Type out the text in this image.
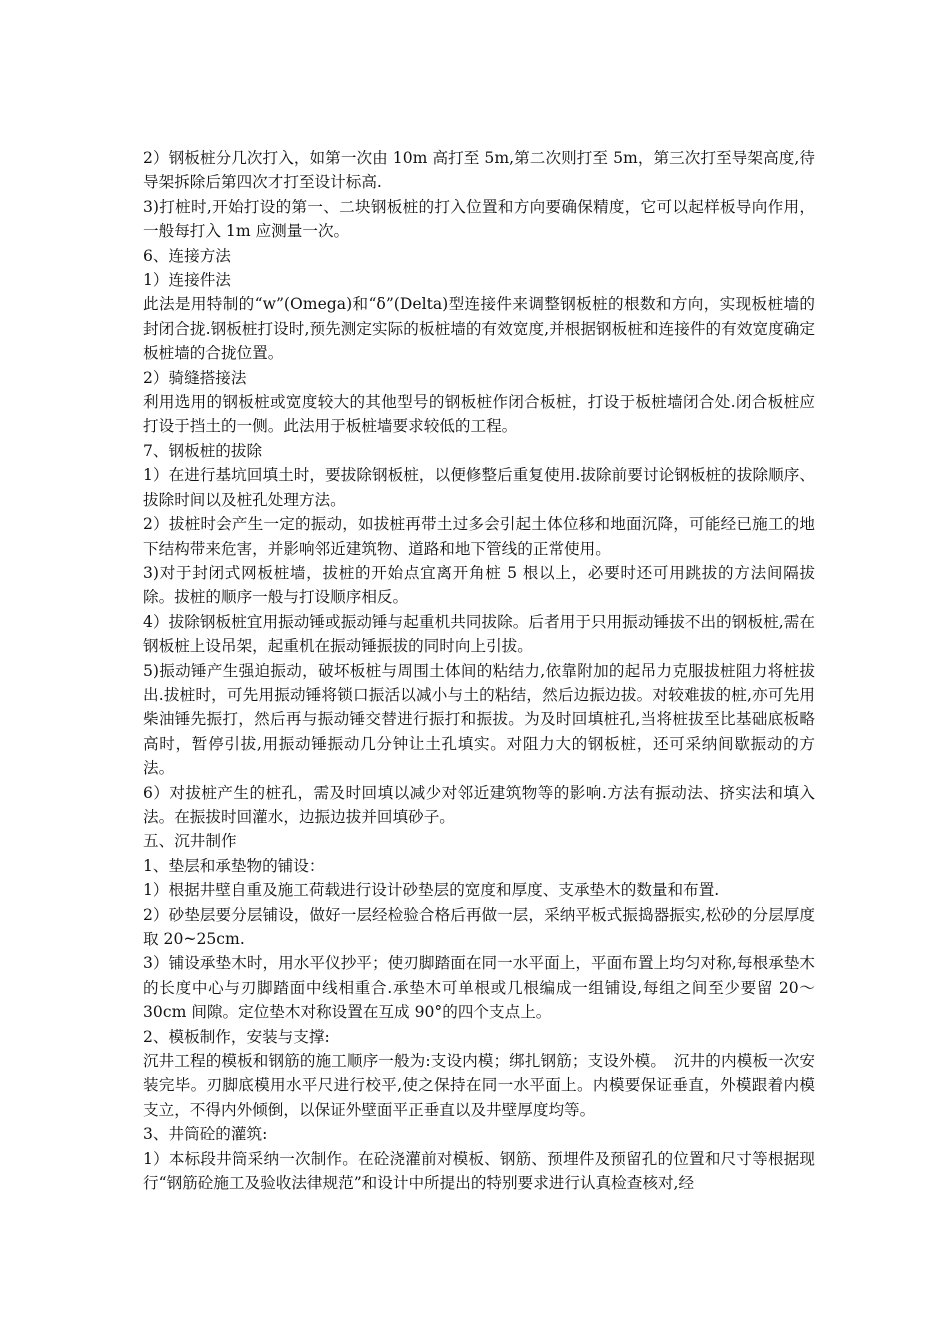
2）钢板桩分几次打入，如第一次由 10m 高打至 5m,第二次则打至 5m，第三次打至导架高度,待导架拆除后第四次才打至设计标高.

3)打桩时,开始打设的第一、二块钢板桩的打入位置和方向要确保精度，它可以起样板导向作用，一般每打入 1m 应测量一次。

6、连接方法

1）连接件法

此法是用特制的“w”(Omega)和“δ”(Delta)型连接件来调整钢板桩的根数和方向，实现板桩墙的封闭合拢.钢板桩打设时,预先测定实际的板桩墙的有效宽度,并根据钢板桩和连接件的有效宽度确定板桩墙的合拢位置。

2）骑缝搭接法

利用选用的钢板桩或宽度较大的其他型号的钢板桩作闭合板桩，打设于板桩墙闭合处.闭合板桩应打设于挡土的一侧。此法用于板桩墙要求较低的工程。

7、钢板桩的拔除

1）在进行基坑回填土时，要拔除钢板桩，以便修整后重复使用.拔除前要讨论钢板桩的拔除顺序、拔除时间以及桩孔处理方法。

2）拔桩时会产生一定的振动，如拔桩再带土过多会引起土体位移和地面沉降，可能经已施工的地下结构带来危害，并影响邻近建筑物、道路和地下管线的正常使用。

3)对于封闭式网板桩墙，拔桩的开始点宜离开角桩 5 根以上，必要时还可用跳拔的方法间隔拔除。拔桩的顺序一般与打设顺序相反。

4）拔除钢板桩宜用振动锤或振动锤与起重机共同拔除。后者用于只用振动锤拔不出的钢板桩,需在钢板桩上设吊架，起重机在振动锤振拔的同时向上引拔。

5)振动锤产生强迫振动，破坏板桩与周围土体间的粘结力,依靠附加的起吊力克服拔桩阻力将桩拔出.拔桩时，可先用振动锤将锁口振活以减小与土的粘结，然后边振边拔。对较难拔的桩,亦可先用柴油锤先振打，然后再与振动锤交替进行振打和振拔。为及时回填桩孔,当将桩拔至比基础底板略高时，暂停引拔,用振动锤振动几分钟让土孔填实。对阻力大的钢板桩，还可采纳间歇振动的方法。

6）对拔桩产生的桩孔，需及时回填以减少对邻近建筑物等的影响.方法有振动法、挤实法和填入法。在振拔时回灌水，边振边拔并回填砂子。

五、沉井制作

1、垫层和承垫物的铺设：

1）根据井壁自重及施工荷载进行设计砂垫层的宽度和厚度、支承垫木的数量和布置.

2）砂垫层要分层铺设，做好一层经检验合格后再做一层，采纳平板式振捣器振实,松砂的分层厚度取 20~25cm.

3）铺设承垫木时，用水平仪抄平；使刃脚踏面在同一水平面上，平面布置上均匀对称,每根承垫木的长度中心与刃脚踏面中线相重合.承垫木可单根或几根编成一组铺设,每组之间至少要留 20～30cm 间隙。定位垫木对称设置在互成 90°的四个支点上。

2、模板制作，安装与支撑:

沉井工程的模板和钢筋的施工顺序一般为:支设内模；绑扎钢筋；支设外模。　沉井的内模板一次安装完毕。刃脚底模用水平尺进行校平,使之保持在同一水平面上。内模要保证垂直，外模跟着内模支立，不得内外倾倒，以保证外壁面平正垂直以及井壁厚度均等。

3、井筒砼的灌筑:

1）本标段井筒采纳一次制作。在砼浇灌前对模板、钢筋、预埋件及预留孔的位置和尺寸等根据现行“钢筋砼施工及验收法律规范”和设计中所提出的特别要求进行认真检查核对,经
